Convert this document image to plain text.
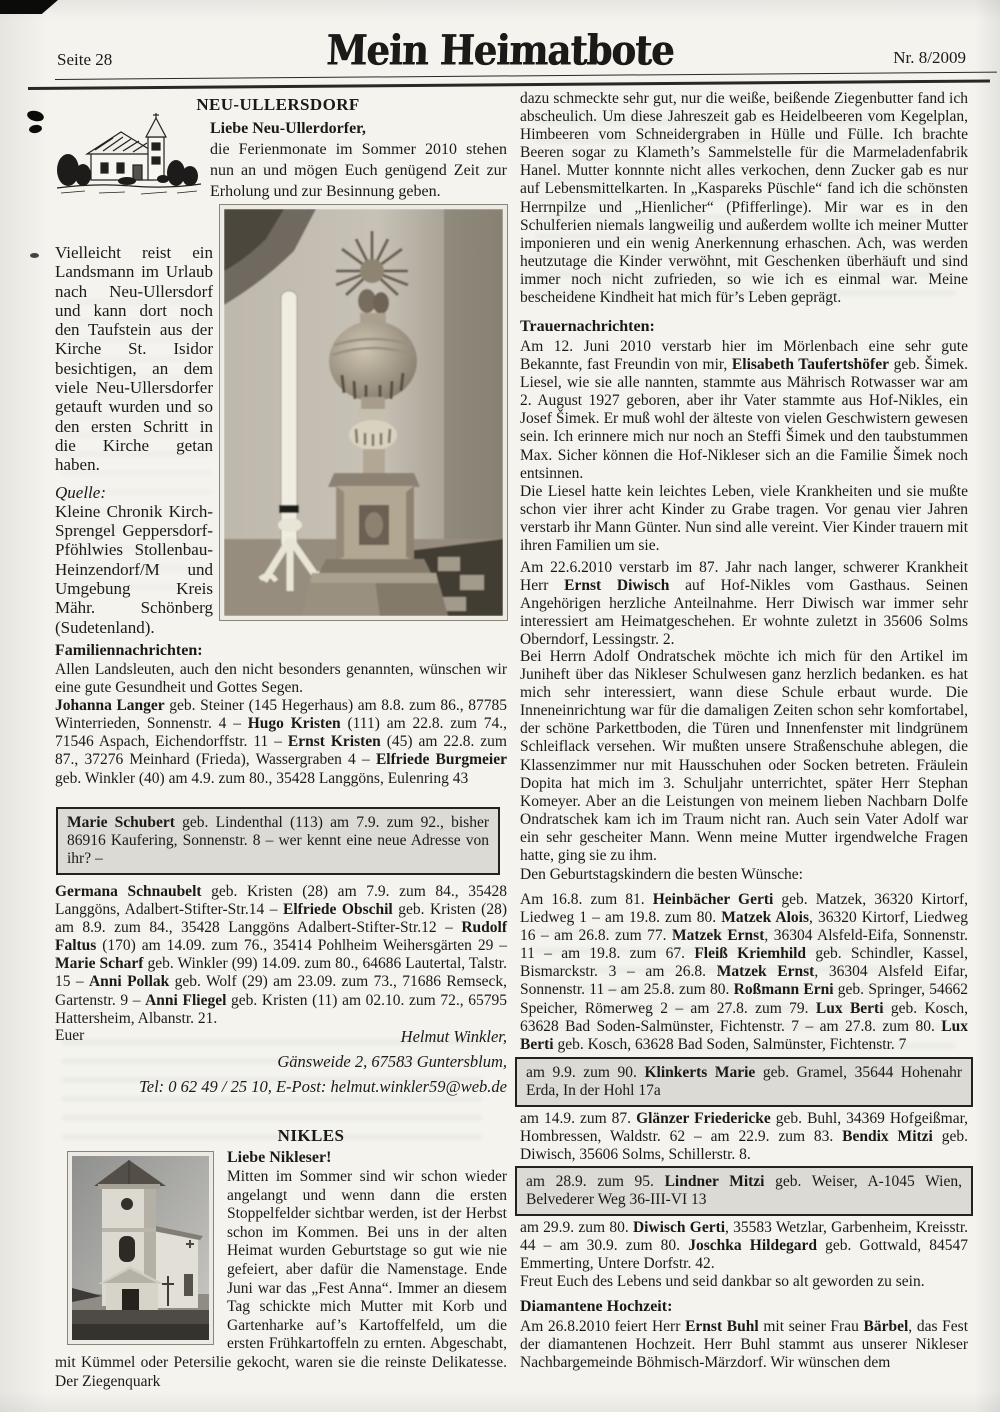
Seite 28	Mein Heimatbote	Nr. 8/2009
NEU-ULLERSDORF
Liebe Neu-Ullerdorfer,
die Ferienmonate im Sommer 2010 stehen nun an und mögen Euch genügend Zeit zur Erholung und zur Besinnung geben.
Vielleicht reist ein Landsmann im Urlaub nach Neu-Ullersdorf und kann dort noch den Taufstein aus der Kirche St. Isidor besichtigen, an dem viele Neu-Ullersdorfer getauft wurden und so den ersten Schritt in die Kirche getan haben.
Quelle:
Kleine Chronik Kirch-Sprengel Geppersdorf-Pföhlwies Stollenbau-Heinzendorf/M und Umgebung Kreis Mähr. Schönberg (Sudetenland).
Familiennachrichten:
Allen Landsleuten, auch den nicht besonders genannten, wünschen wir eine gute Gesundheit und Gottes Segen.
Johanna Langer geb. Steiner (145 Hegerhaus) am 8.8. zum 86., 87785 Winterrieden, Sonnenstr. 4 – Hugo Kristen (111) am 22.8. zum 74., 71546 Aspach, Eichendorffstr. 11 – Ernst Kristen (45) am 22.8. zum 87., 37276 Meinhard (Frieda), Wassergraben 4 – Elfriede Burgmeier geb. Winkler (40) am 4.9. zum 80., 35428 Langgöns, Eulenring 43
Marie Schubert geb. Lindenthal (113) am 7.9. zum 92., bisher 86916 Kaufering, Sonnenstr. 8 – wer kennt eine neue Adresse von ihr? –
Germana Schnaubelt geb. Kristen (28) am 7.9. zum 84., 35428 Langgöns, Adalbert-Stifter-Str.14 – Elfriede Obschil geb. Kristen (28) am 8.9. zum 84., 35428 Langgöns Adalbert-Stifter-Str.12 – Rudolf Faltus (170) am 14.09. zum 76., 35414 Pohlheim Weihersgärten 29 – Marie Scharf geb. Winkler (99) 14.09. zum 80., 64686 Lautertal, Talstr. 15 – Anni Pollak geb. Wolf (29) am 23.09. zum 73., 71686 Remseck, Gartenstr. 9 – Anni Fliegel geb. Kristen (11) am 02.10. zum 72., 65795 Hattersheim, Albanstr. 21.
Euer	Helmut Winkler,
Gänsweide 2, 67583 Guntersblum,
Tel: 0 62 49 / 25 10, E-Post: helmut.winkler59@web.de
NIKLES
Liebe Nikleser!
Mitten im Sommer sind wir schon wieder angelangt und wenn dann die ersten Stoppelfelder sichtbar werden, ist der Herbst schon im Kommen. Bei uns in der alten Heimat wurden Geburtstage so gut wie nie gefeiert, aber dafür die Namenstage. Ende Juni war das „Fest Anna“. Immer an diesem Tag schickte mich Mutter mit Korb und Gartenharke auf’s Kartoffelfeld, um die ersten Frühkartoffeln zu ernten. Abgeschabt, mit Kümmel oder Petersilie gekocht, waren sie die reinste Delikatesse. Der Ziegenquark
dazu schmeckte sehr gut, nur die weiße, beißende Ziegenbutter fand ich abscheulich. Um diese Jahreszeit gab es Heidelbeeren vom Kegelplan, Himbeeren vom Schneidergraben in Hülle und Fülle. Ich brachte Beeren sogar zu Klameth’s Sammelstelle für die Marmeladenfabrik Hanel. Mutter konnnte nicht alles verkochen, denn Zucker gab es nur auf Lebensmittelkarten. In „Kaspareks Püschle“ fand ich die schönsten Herrnpilze und „Hienlicher“ (Pfifferlinge). Mir war es in den Schulferien niemals langweilig und außerdem wollte ich meiner Mutter imponieren und ein wenig Anerkennung erhaschen. Ach, was werden heutzutage die Kinder verwöhnt, mit Geschenken überhäuft und sind immer noch nicht zufrieden, so wie ich es einmal war. Meine bescheidene Kindheit hat mich für’s Leben geprägt.
Trauernachrichten:
Am 12. Juni 2010 verstarb hier im Mörlenbach eine sehr gute Bekannte, fast Freundin von mir, Elisabeth Taufertshöfer geb. Šimek. Liesel, wie sie alle nannten, stammte aus Mährisch Rotwasser war am 2. August 1927 geboren, aber ihr Vater stammte aus Hof-Nikles, ein Josef Šimek. Er muß wohl der älteste von vielen Geschwistern gewesen sein. Ich erinnere mich nur noch an Steffi Šimek und den taubstummen Max. Sicher können die Hof-Nikleser sich an die Familie Šimek noch entsinnen.
Die Liesel hatte kein leichtes Leben, viele Krankheiten und sie mußte schon vier ihrer acht Kinder zu Grabe tragen. Vor genau vier Jahren verstarb ihr Mann Günter. Nun sind alle vereint. Vier Kinder trauern mit ihren Familien um sie.
Am 22.6.2010 verstarb im 87. Jahr nach langer, schwerer Krankheit Herr Ernst Diwisch auf Hof-Nikles vom Gasthaus. Seinen Angehörigen herzliche Anteilnahme. Herr Diwisch war immer sehr interessiert am Heimatgeschehen. Er wohnte zuletzt in 35606 Solms Oberndorf, Lessingstr. 2.
Bei Herrn Adolf Ondratschek möchte ich mich für den Artikel im Juniheft über das Nikleser Schulwesen ganz herzlich bedanken. es hat mich sehr interessiert, wann diese Schule erbaut wurde. Die Inneneinrichtung war für die damaligen Zeiten schon sehr komfortabel, der schöne Parkettboden, die Türen und Innenfenster mit lindgrünem Schleiflack versehen. Wir mußten unsere Straßenschuhe ablegen, die Klassenzimmer nur mit Hausschuhen oder Socken betreten. Fräulein Dopita hat mich im 3. Schuljahr unterrichtet, später Herr Stephan Komeyer. Aber an die Leistungen von meinem lieben Nachbarn Dolfe Ondratschek kam ich im Traum nicht ran. Auch sein Vater Adolf war ein sehr gescheiter Mann. Wenn meine Mutter irgendwelche Fragen hatte, ging sie zu ihm.
Den Geburtstagskindern die besten Wünsche:
Am 16.8. zum 81. Heinbächer Gerti geb. Matzek, 36320 Kirtorf, Liedweg 1 – am 19.8. zum 80. Matzek Alois, 36320 Kirtorf, Liedweg 16 – am 26.8. zum 77. Matzek Ernst, 36304 Alsfeld-Eifa, Sonnenstr. 11 – am 19.8. zum 67. Fleiß Kriemhild geb. Schindler, Kassel, Bismarckstr. 3 – am 26.8. Matzek Ernst, 36304 Alsfeld Eifar, Sonnenstr. 11 – am 25.8. zum 80. Roßmann Erni geb. Springer, 54662 Speicher, Römerweg 2 – am 27.8. zum 79. Lux Berti geb. Kosch, 63628 Bad Soden-Salmünster, Fichtenstr. 7 – am 27.8. zum 80. Lux Berti geb. Kosch, 63628 Bad Soden, Salmünster, Fichtenstr. 7
am 9.9. zum 90. Klinkerts Marie geb. Gramel, 35644 Hohenahr Erda, In der Hohl 17a
am 14.9. zum 87. Glänzer Friedericke geb. Buhl, 34369 Hofgeißmar, Hombressen, Waldstr. 62 – am 22.9. zum 83. Bendix Mitzi geb. Diwisch, 35606 Solms, Schillerstr. 8.
am 28.9. zum 95. Lindner Mitzi geb. Weiser, A-1045 Wien, Belvederer Weg 36-III-VI 13
am 29.9. zum 80. Diwisch Gerti, 35583 Wetzlar, Garbenheim, Kreisstr. 44 – am 30.9. zum 80. Joschka Hildegard geb. Gottwald, 84547 Emmerting, Untere Dorfstr. 42.
Freut Euch des Lebens und seid dankbar so alt geworden zu sein.
Diamantene Hochzeit:
Am 26.8.2010 feiert Herr Ernst Buhl mit seiner Frau Bärbel, das Fest der diamantenen Hochzeit. Herr Buhl stammt aus unserer Nikleser Nachbargemeinde Böhmisch-Märzdorf. Wir wünschen dem
